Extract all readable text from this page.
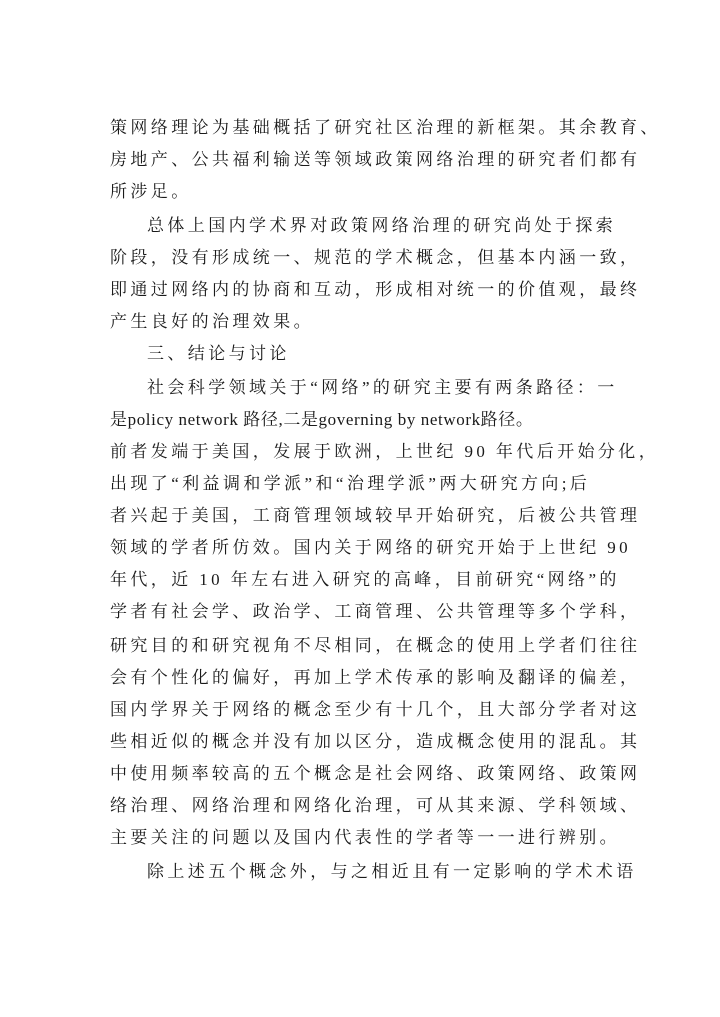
策网络理论为基础概括了研究社区治理的新框架。其余教育、
房地产、公共福利输送等领域政策网络治理的研究者们都有
所涉足。
总体上国内学术界对政策网络治理的研究尚处于探索
阶段，没有形成统一、规范的学术概念，但基本内涵一致，
即通过网络内的协商和互动，形成相对统一的价值观，最终
产生良好的治理效果。
三、结论与讨论
社会科学领域关于“网络”的研究主要有两条路径：一
是policy network 路径,二是governing by network路径。
前者发端于美国，发展于欧洲，上世纪 90 年代后开始分化，
出现了“利益调和学派”和“治理学派”两大研究方向;后
者兴起于美国，工商管理领域较早开始研究，后被公共管理
领域的学者所仿效。国内关于网络的研究开始于上世纪 90
年代，近 10 年左右进入研究的高峰，目前研究“网络”的
学者有社会学、政治学、工商管理、公共管理等多个学科，
研究目的和研究视角不尽相同，在概念的使用上学者们往往
会有个性化的偏好，再加上学术传承的影响及翻译的偏差，
国内学界关于网络的概念至少有十几个，且大部分学者对这
些相近似的概念并没有加以区分，造成概念使用的混乱。其
中使用频率较高的五个概念是社会网络、政策网络、政策网
络治理、网络治理和网络化治理，可从其来源、学科领域、
主要关注的问题以及国内代表性的学者等一一进行辨别。
除上述五个概念外，与之相近且有一定影响的学术术语
